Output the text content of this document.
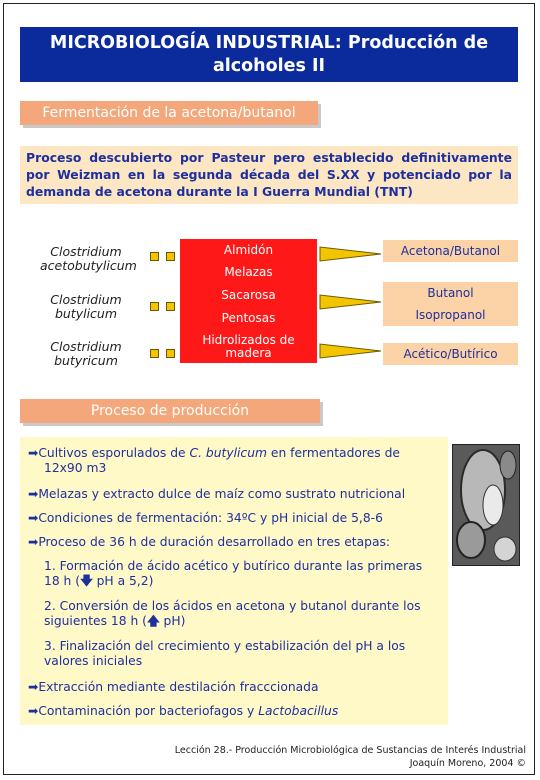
MICROBIOLOGÍA INDUSTRIAL: Producción de
alcoholes II
Fermentación de la acetona/butanol
Proceso descubierto por Pasteur pero establecido definitivamente por Weizman en la segunda década del S.XX y potenciado por la demanda de acetona durante la I Guerra Mundial (TNT)
Clostridium
acetobutylicum
Clostridium
butylicum
Clostridium
butyricum
Almidón
Melazas
Sacarosa
Pentosas
Hidrolizados de
madera
Acetona/Butanol
Butanol
Isopropanol
Acético/Butírico
Proceso de producción
➡Cultivos esporulados de C. butylicum en fermentadores de
12x90 m3
➡Melazas y extracto dulce de maíz como sustrato nutricional
➡Condiciones de fermentación: 34ºC y pH inicial de 5,8-6
➡Proceso de 36 h de duración desarrollado en tres etapas:
1. Formación de ácido acético y butírico durante las primeras
18 h (🡇 pH a 5,2)
2. Conversión de los ácidos en acetona y butanol durante los
siguientes 18 h (🡅 pH)
3. Finalización del crecimiento y estabilización del pH a los
valores iniciales
➡Extracción mediante destilación fracccionada
➡Contaminación por bacteriofagos y Lactobacillus
Lección 28.- Producción Microbiológica de Sustancias de Interés Industrial
Joaquín Moreno, 2004 ©
